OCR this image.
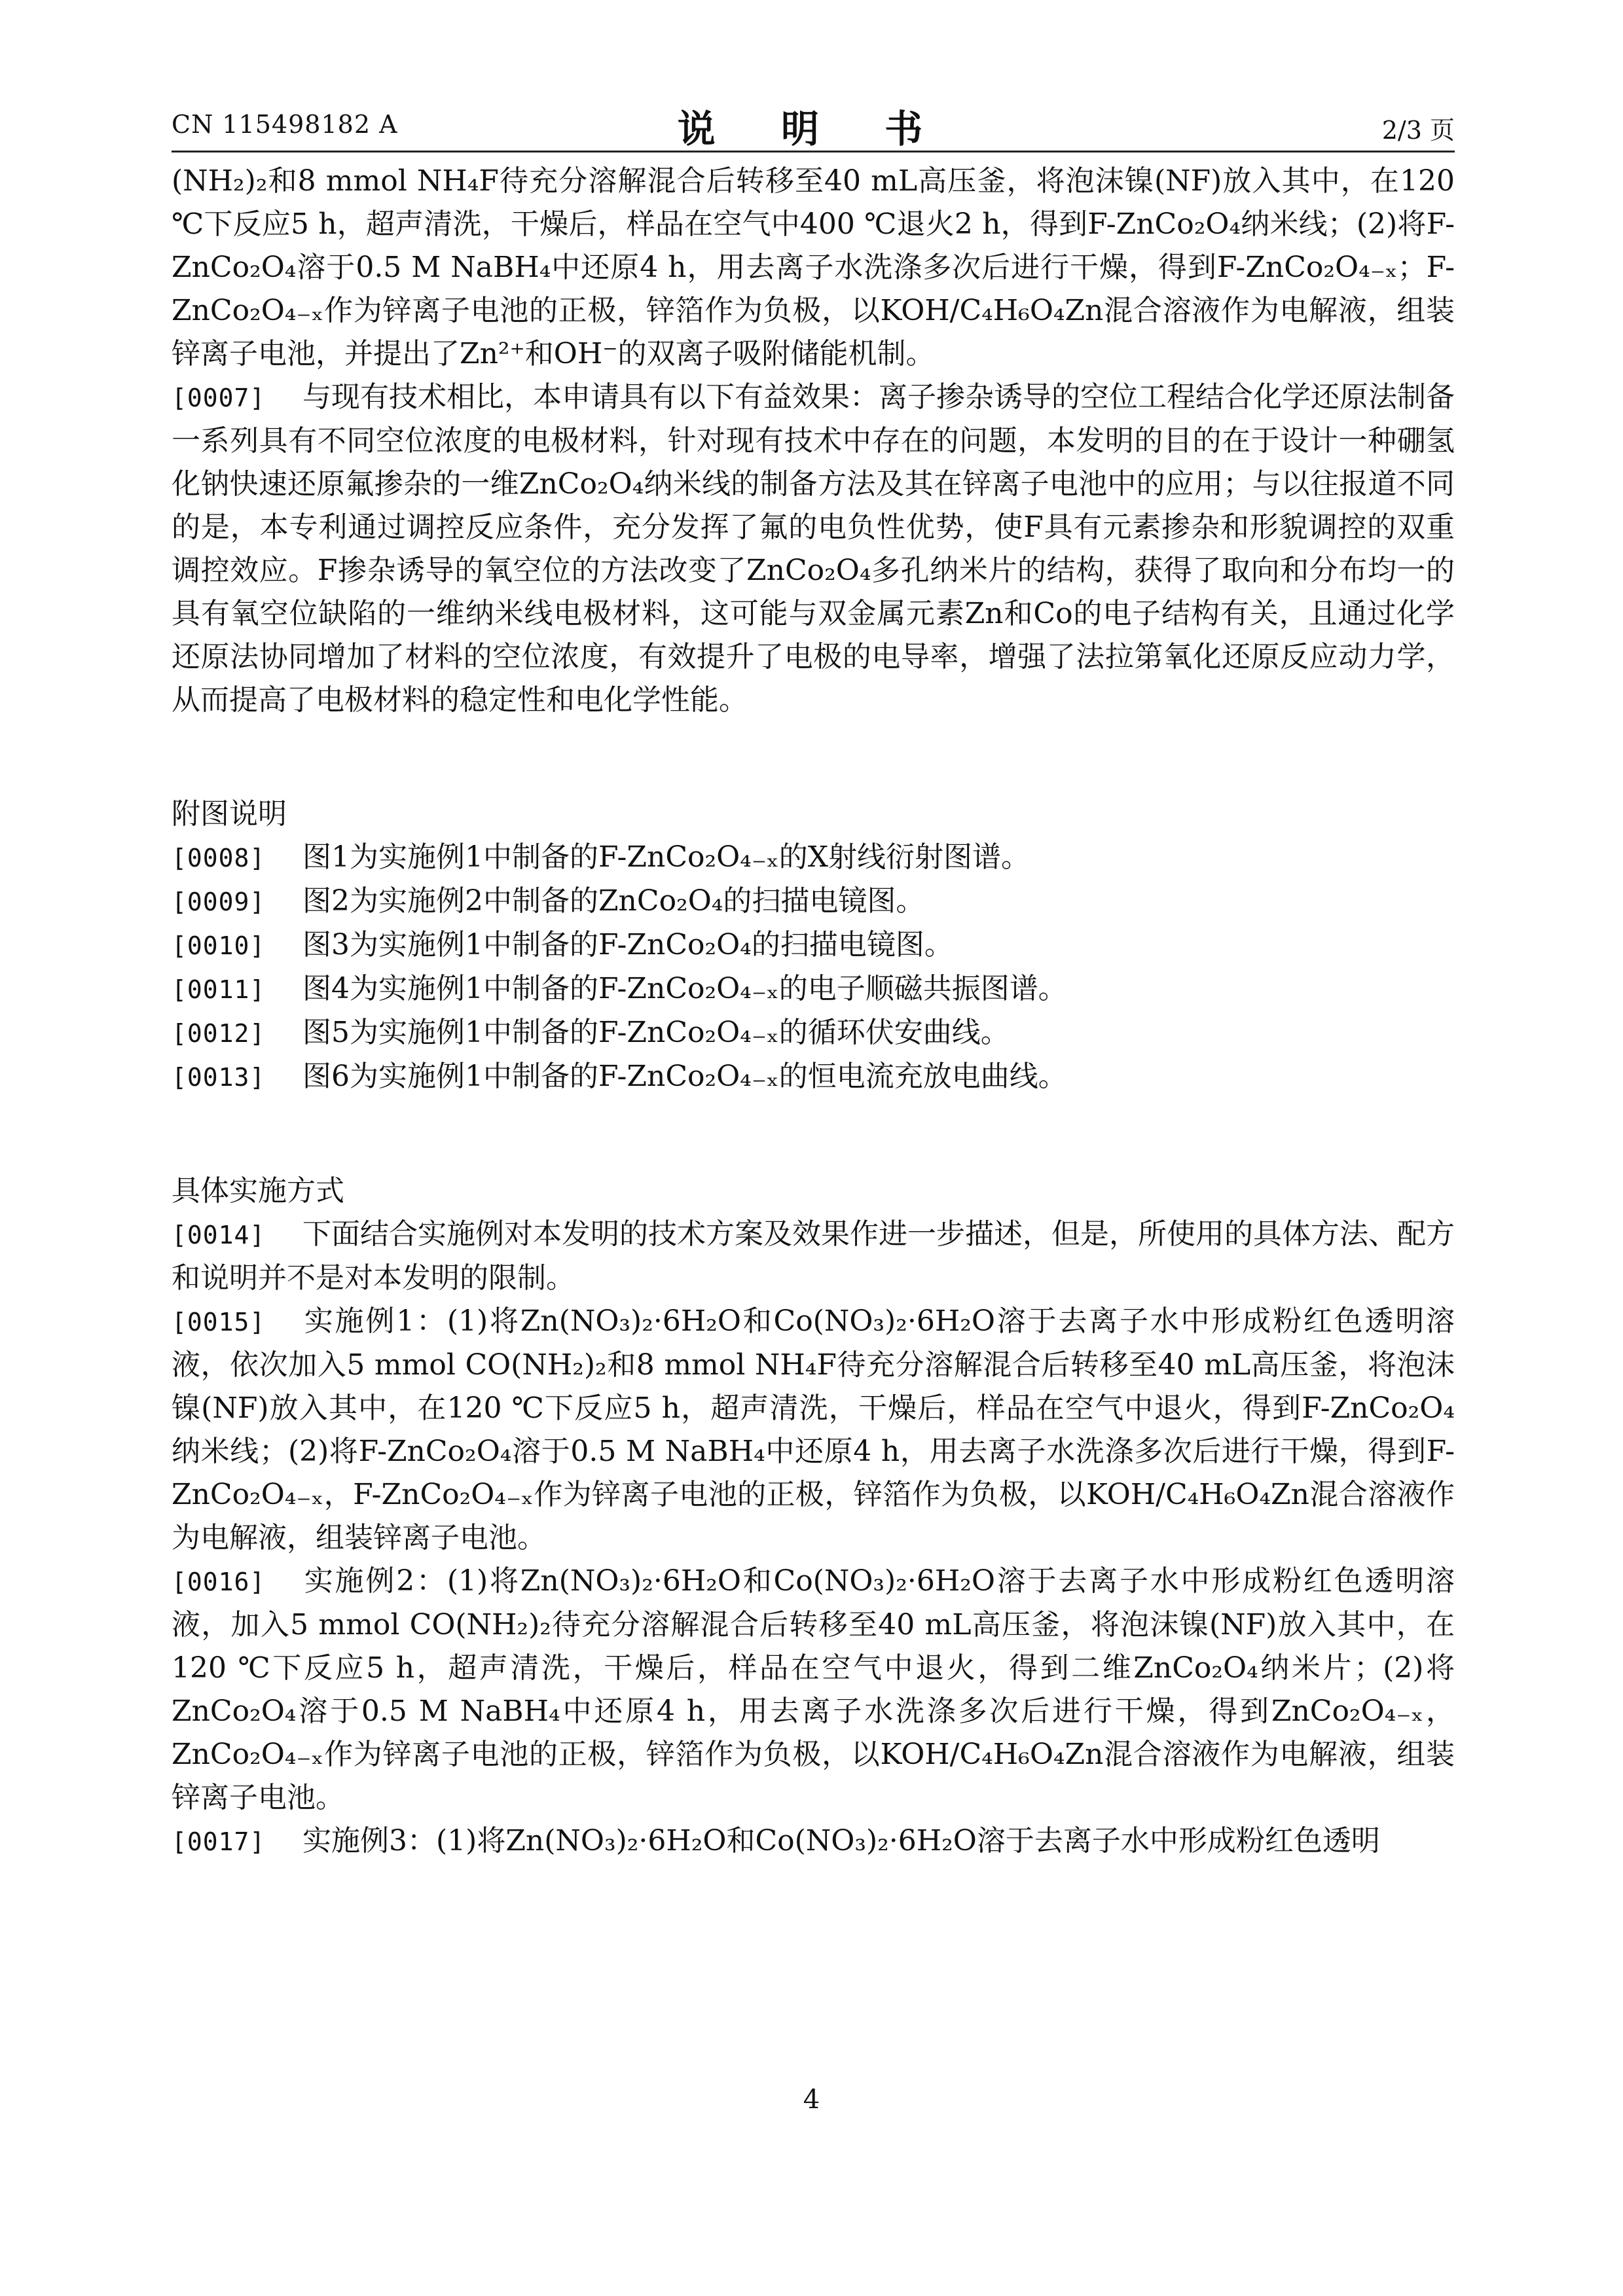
CN 115498182 A	说 明 书	2/3 页

(NH₂)₂和8 mmol NH₄F待充分溶解混合后转移至40 mL高压釜，将泡沫镍(NF)放入其中，在120 ℃下反应5 h，超声清洗，干燥后，样品在空气中400 ℃退火2 h，得到F-ZnCo₂O₄纳米线；(2)将F-ZnCo₂O₄溶于0.5 M NaBH₄中还原4 h，用去离子水洗涤多次后进行干燥，得到F-ZnCo₂O₄₋ₓ；F-ZnCo₂O₄₋ₓ作为锌离子电池的正极，锌箔作为负极，以KOH/C₄H₆O₄Zn混合溶液作为电解液，组装锌离子电池，并提出了Zn²⁺和OH⁻的双离子吸附储能机制。

[0007] 与现有技术相比，本申请具有以下有益效果：离子掺杂诱导的空位工程结合化学还原法制备一系列具有不同空位浓度的电极材料，针对现有技术中存在的问题，本发明的目的在于设计一种硼氢化钠快速还原氟掺杂的一维ZnCo₂O₄纳米线的制备方法及其在锌离子电池中的应用；与以往报道不同的是，本专利通过调控反应条件，充分发挥了氟的电负性优势，使F具有元素掺杂和形貌调控的双重调控效应。F掺杂诱导的氧空位的方法改变了ZnCo₂O₄多孔纳米片的结构，获得了取向和分布均一的具有氧空位缺陷的一维纳米线电极材料，这可能与双金属元素Zn和Co的电子结构有关，且通过化学还原法协同增加了材料的空位浓度，有效提升了电极的电导率，增强了法拉第氧化还原反应动力学，从而提高了电极材料的稳定性和电化学性能。

附图说明

[0008] 图1为实施例1中制备的F-ZnCo₂O₄₋ₓ的X射线衍射图谱。

[0009] 图2为实施例2中制备的ZnCo₂O₄的扫描电镜图。

[0010] 图3为实施例1中制备的F-ZnCo₂O₄的扫描电镜图。

[0011] 图4为实施例1中制备的F-ZnCo₂O₄₋ₓ的电子顺磁共振图谱。

[0012] 图5为实施例1中制备的F-ZnCo₂O₄₋ₓ的循环伏安曲线。

[0013] 图6为实施例1中制备的F-ZnCo₂O₄₋ₓ的恒电流充放电曲线。

具体实施方式

[0014] 下面结合实施例对本发明的技术方案及效果作进一步描述，但是，所使用的具体方法、配方和说明并不是对本发明的限制。

[0015] 实施例1：(1)将Zn(NO₃)₂·6H₂O和Co(NO₃)₂·6H₂O溶于去离子水中形成粉红色透明溶液，依次加入5 mmol CO(NH₂)₂和8 mmol NH₄F待充分溶解混合后转移至40 mL高压釜，将泡沫镍(NF)放入其中，在120 ℃下反应5 h，超声清洗，干燥后，样品在空气中退火，得到F-ZnCo₂O₄纳米线；(2)将F-ZnCo₂O₄溶于0.5 M NaBH₄中还原4 h，用去离子水洗涤多次后进行干燥，得到F-ZnCo₂O₄₋ₓ，F-ZnCo₂O₄₋ₓ作为锌离子电池的正极，锌箔作为负极，以KOH/C₄H₆O₄Zn混合溶液作为电解液，组装锌离子电池。

[0016] 实施例2：(1)将Zn(NO₃)₂·6H₂O和Co(NO₃)₂·6H₂O溶于去离子水中形成粉红色透明溶液，加入5 mmol CO(NH₂)₂待充分溶解混合后转移至40 mL高压釜，将泡沫镍(NF)放入其中，在120 ℃下反应5 h，超声清洗，干燥后，样品在空气中退火，得到二维ZnCo₂O₄纳米片；(2)将ZnCo₂O₄溶于0.5 M NaBH₄中还原4 h，用去离子水洗涤多次后进行干燥，得到ZnCo₂O₄₋ₓ，ZnCo₂O₄₋ₓ作为锌离子电池的正极，锌箔作为负极，以KOH/C₄H₆O₄Zn混合溶液作为电解液，组装锌离子电池。

[0017] 实施例3：(1)将Zn(NO₃)₂·6H₂O和Co(NO₃)₂·6H₂O溶于去离子水中形成粉红色透明

4
